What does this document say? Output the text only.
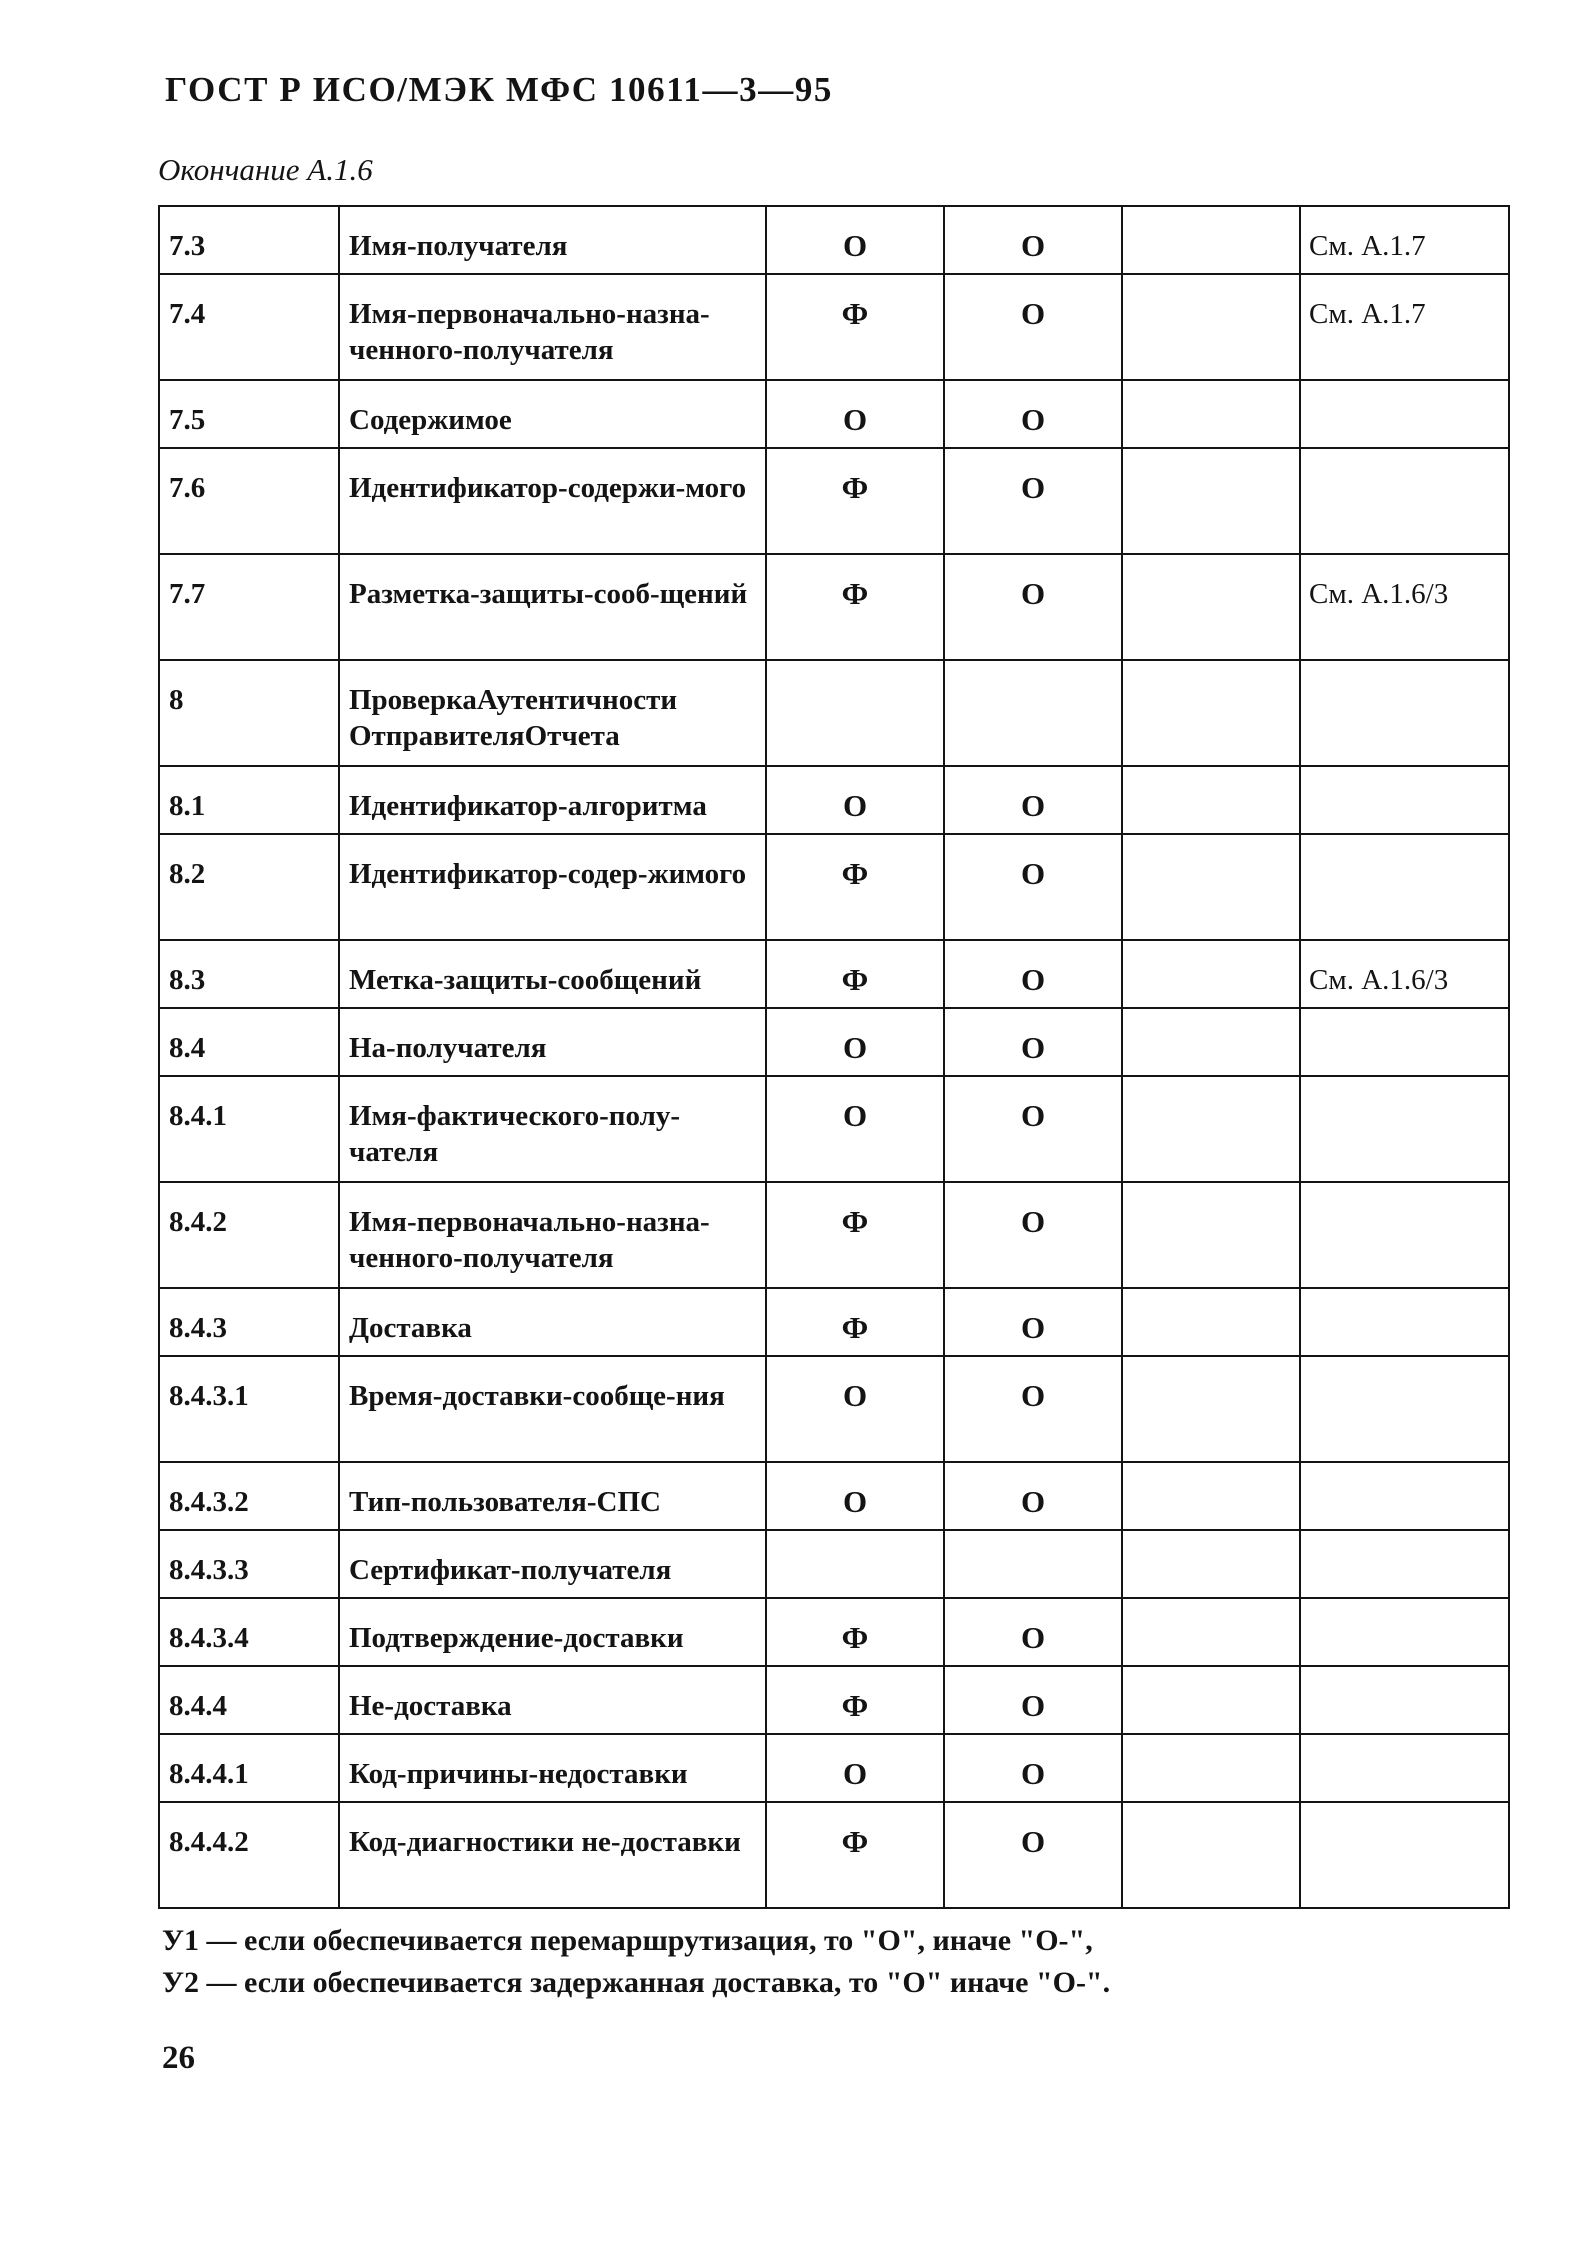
ГОСТ Р ИСО/МЭК МФС 10611—3—95
Окончание А.1.6
7.3	Имя-получателя	О	О		См. А.1.7
7.4	Имя-первоначально-назна-ченного-получателя	Ф	О		См. А.1.7
7.5	Содержимое	О	О		
7.6	Идентификатор-содержи-мого	Ф	О		
7.7	Разметка-защиты-сооб-щений	Ф	О		См. А.1.6/3
8	ПроверкаАутентичности ОтправителяОтчета				
8.1	Идентификатор-алгоритма	О	О		
8.2	Идентификатор-содер-жимого	Ф	О		
8.3	Метка-защиты-сообщений	Ф	О		См. А.1.6/3
8.4	На-получателя	О	О		
8.4.1	Имя-фактического-полу-чателя	О	О		
8.4.2	Имя-первоначально-назна-ченного-получателя	Ф	О		
8.4.3	Доставка	Ф	О		
8.4.3.1	Время-доставки-сообще-ния	О	О		
8.4.3.2	Тип-пользователя-СПС	О	О		
8.4.3.3	Сертификат-получателя				
8.4.3.4	Подтверждение-доставки	Ф	О		
8.4.4	Не-доставка	Ф	О		
8.4.4.1	Код-причины-недоставки	О	О		
8.4.4.2	Код-диагностики не-доставки	Ф	О		
У1 — если обеспечивается перемаршрутизация, то "О", иначе "О-",
У2 — если обеспечивается задержанная доставка, то "О" иначе "О-".
26
